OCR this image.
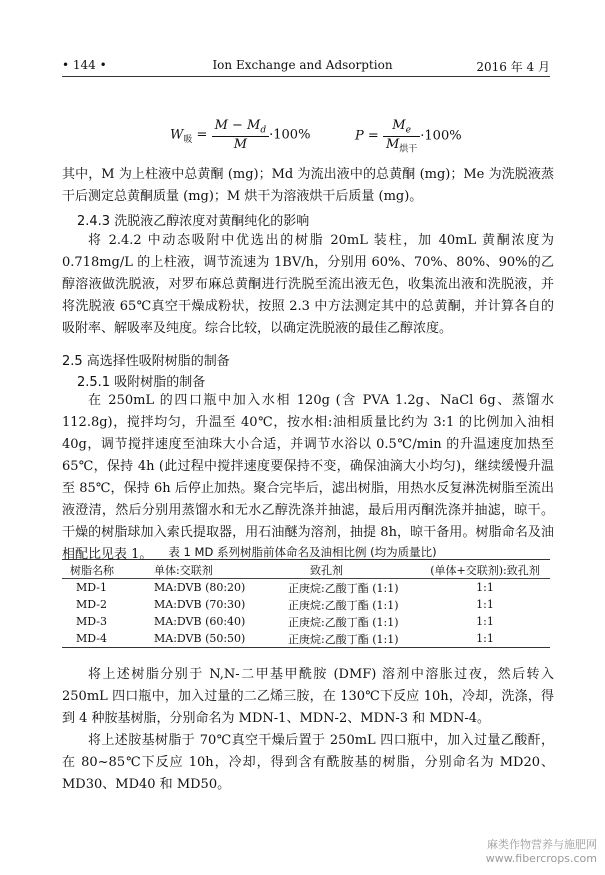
• 144 •	Ion Exchange and Adsorption	2016 年 4 月
$W_吸 = \frac{M - M_d}{M} \cdot 100\%$	$P = \frac{M_e}{M_{烘干}} \cdot 100\%$
其中，M 为上柱液中总黄酮 (mg)；Md 为流出液中的总黄酮 (mg)；Me 为洗脱液蒸干后测定总黄酮质量 (mg)；M 烘干为溶液烘干后质量 (mg)。
2.4.3 洗脱液乙醇浓度对黄酮纯化的影响
将 2.4.2 中动态吸附中优选出的树脂 20mL 装柱，加 40mL 黄酮浓度为 0.718mg/L 的上柱液，调节流速为 1BV/h，分别用 60%、70%、80%、90%的乙醇溶液做洗脱液，对罗布麻总黄酮进行洗脱至流出液无色，收集流出液和洗脱液，并将洗脱液 65℃真空干燥成粉状，按照 2.3 中方法测定其中的总黄酮，并计算各自的吸附率、解吸率及纯度。综合比较，以确定洗脱液的最佳乙醇浓度。
2.5 高选择性吸附树脂的制备
2.5.1 吸附树脂的制备
在 250mL 的四口瓶中加入水相 120g (含 PVA 1.2g、NaCl 6g、蒸馏水 112.8g)，搅拌均匀，升温至 40℃，按水相:油相质量比约为 3:1 的比例加入油相 40g，调节搅拌速度至油珠大小合适，并调节水浴以 0.5℃/min 的升温速度加热至 65℃，保持 4h (此过程中搅拌速度要保持不变，确保油滴大小均匀)，继续缓慢升温至 85℃，保持 6h 后停止加热。聚合完毕后，滤出树脂，用热水反复淋洗树脂至流出液澄清，然后分别用蒸馏水和无水乙醇洗涤并抽滤，最后用丙酮洗涤并抽滤，晾干。干燥的树脂球加入索氏提取器，用石油醚为溶剂，抽提 8h，晾干备用。树脂命名及油相配比见表 1。	表 1 MD 系列树脂前体命名及油相比例 (均为质量比)
树脂名称	单体:交联剂	致孔剂	(单体+交联剂):致孔剂

MD-1	MA:DVB (80:20)	正庚烷:乙酸丁酯 (1:1)	1:1
MD-2	MA:DVB (70:30)	正庚烷:乙酸丁酯 (1:1)	1:1
MD-3	MA:DVB (60:40)	正庚烷:乙酸丁酯 (1:1)	1:1
MD-4	MA:DVB (50:50)	正庚烷:乙酸丁酯 (1:1)	1:1

将上述树脂分别于 N,N-二甲基甲酰胺 (DMF) 溶剂中溶胀过夜，然后转入 250mL 四口瓶中，加入过量的二乙烯三胺，在 130℃下反应 10h，冷却，洗涤，得到 4 种胺基树脂，分别命名为 MDN-1、MDN-2、MDN-3 和 MDN-4。
将上述胺基树脂于 70℃真空干燥后置于 250mL 四口瓶中，加入过量乙酸酐，在 80~85℃下反应 10h，冷却，得到含有酰胺基的树脂，分别命名为 MD20、MD30、MD40 和 MD50。
麻类作物营养与施肥网
www.fibercrops.com
